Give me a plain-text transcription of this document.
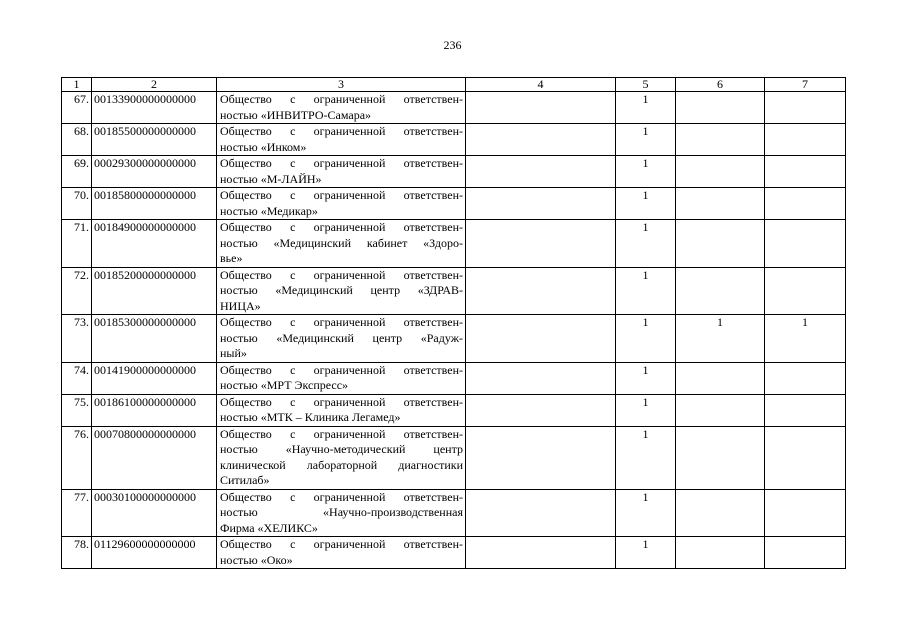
236
1	2	3	4	5	6	7
67.	00133900000000000	Общество с ограниченной ответствен-
ностью «ИНВИТРО-Самара»		1		
68.	00185500000000000	Общество с ограниченной ответствен-
ностью «Инком»		1		
69.	00029300000000000	Общество с ограниченной ответствен-
ностью «М-ЛАЙН»		1		
70.	00185800000000000	Общество с ограниченной ответствен-
ностью «Медикар»		1		
71.	00184900000000000	Общество с ограниченной ответствен-
ностью «Медицинский кабинет «Здоро-
вье»		1		
72.	00185200000000000	Общество с ограниченной ответствен-
ностью «Медицинский центр «ЗДРАВ-
НИЦА»		1		
73.	00185300000000000	Общество с ограниченной ответствен-
ностью «Медицинский центр «Радуж-
ный»		1	1	1
74.	00141900000000000	Общество с ограниченной ответствен-
ностью «МРТ Экспресс»		1		
75.	00186100000000000	Общество с ограниченной ответствен-
ностью «МТК – Клиника Легамед»		1		
76.	00070800000000000	Общество с ограниченной ответствен-
ностью «Научно-методический центр
клинической лабораторной диагностики
Ситилаб»		1		
77.	00030100000000000	Общество с ограниченной ответствен-
ностью «Научно-производственная
Фирма «ХЕЛИКС»		1		
78.	01129600000000000	Общество с ограниченной ответствен-
ностью «Око»		1		
